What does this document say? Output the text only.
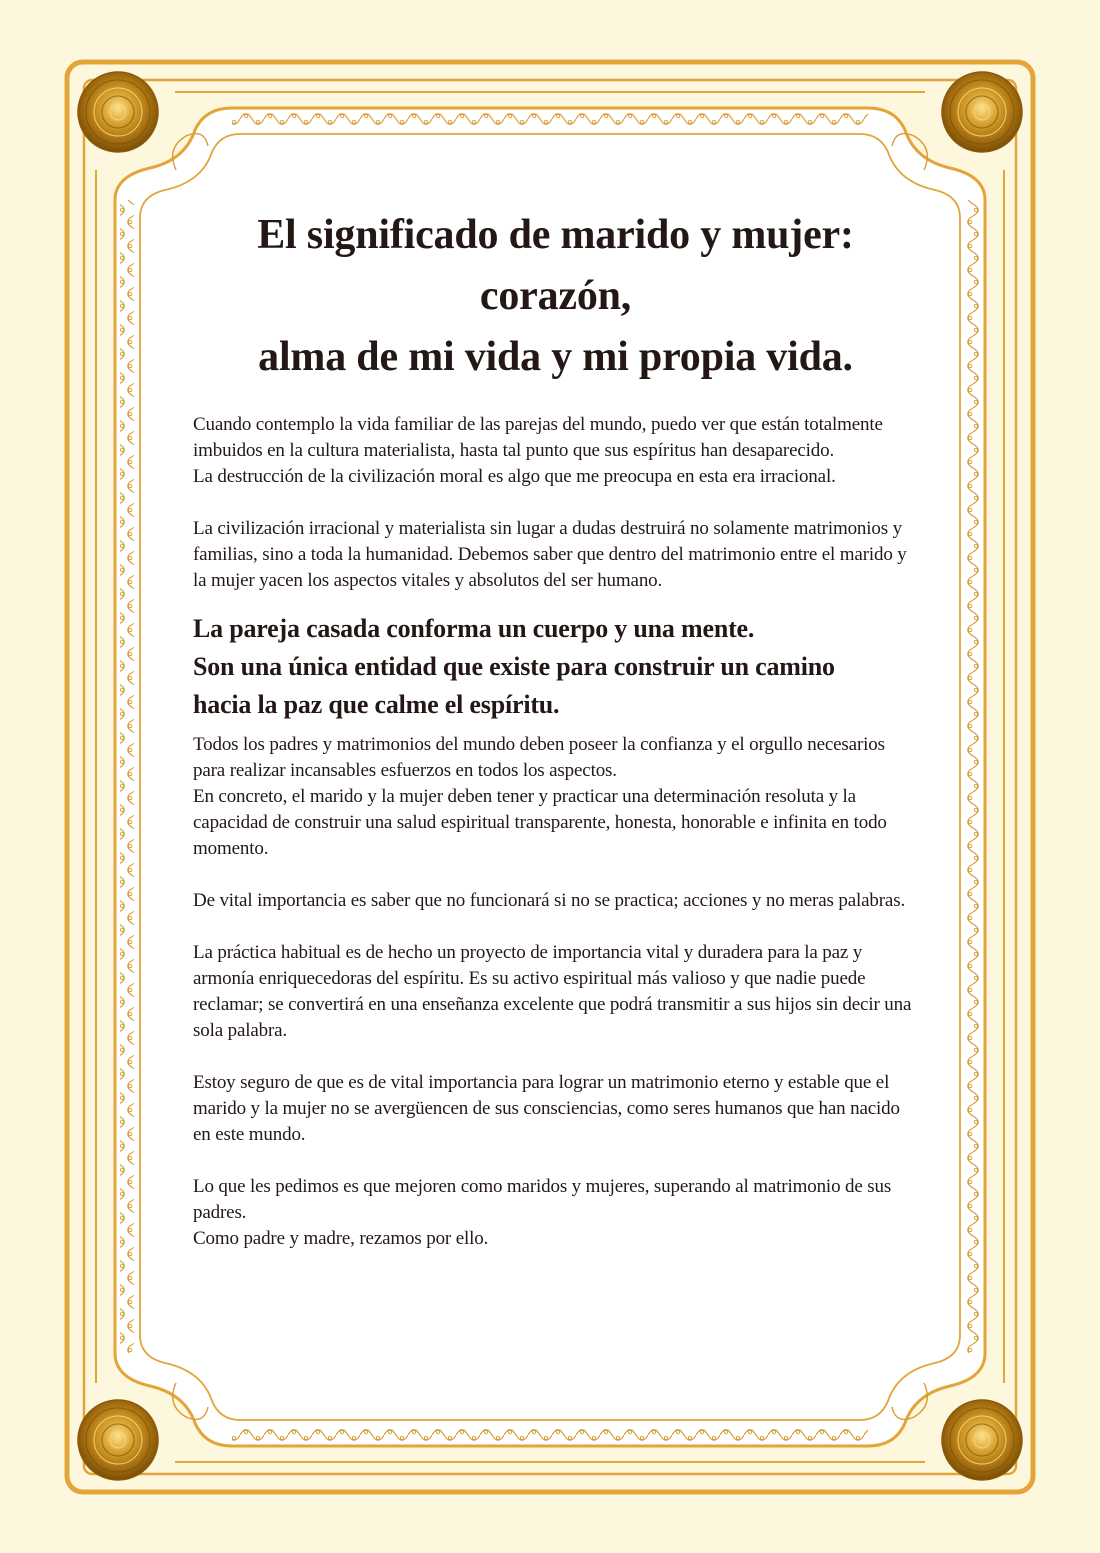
El significado de marido y mujer:
corazón,
alma de mi vida y mi propia vida.

Cuando contemplo la vida familiar de las parejas del mundo, puedo ver que están totalmente imbuidos en la cultura materialista, hasta tal punto que sus espíritus han desaparecido.
La destrucción de la civilización moral es algo que me preocupa en esta era irracional.

La civilización irracional y materialista sin lugar a dudas destruirá no solamente matrimonios y familias, sino a toda la humanidad. Debemos saber que dentro del matrimonio entre el marido y la mujer yacen los aspectos vitales y absolutos del ser humano.

La pareja casada conforma un cuerpo y una mente.
Son una única entidad que existe para construir un camino
hacia la paz que calme el espíritu.

Todos los padres y matrimonios del mundo deben poseer la confianza y el orgullo necesarios para realizar incansables esfuerzos en todos los aspectos.
En concreto, el marido y la mujer deben tener y practicar una determinación resoluta y la capacidad de construir una salud espiritual transparente, honesta, honorable e infinita en todo momento.

De vital importancia es saber que no funcionará si no se practica; acciones y no meras palabras.

La práctica habitual es de hecho un proyecto de importancia vital y duradera para la paz y armonía enriquecedoras del espíritu. Es su activo espiritual más valioso y que nadie puede reclamar; se convertirá en una enseñanza excelente que podrá transmitir a sus hijos sin decir una sola palabra.

Estoy seguro de que es de vital importancia para lograr un matrimonio eterno y estable que el marido y la mujer no se avergüencen de sus consciencias, como seres humanos que han nacido en este mundo.

Lo que les pedimos es que mejoren como maridos y mujeres, superando al matrimonio de sus padres.
Como padre y madre, rezamos por ello.
